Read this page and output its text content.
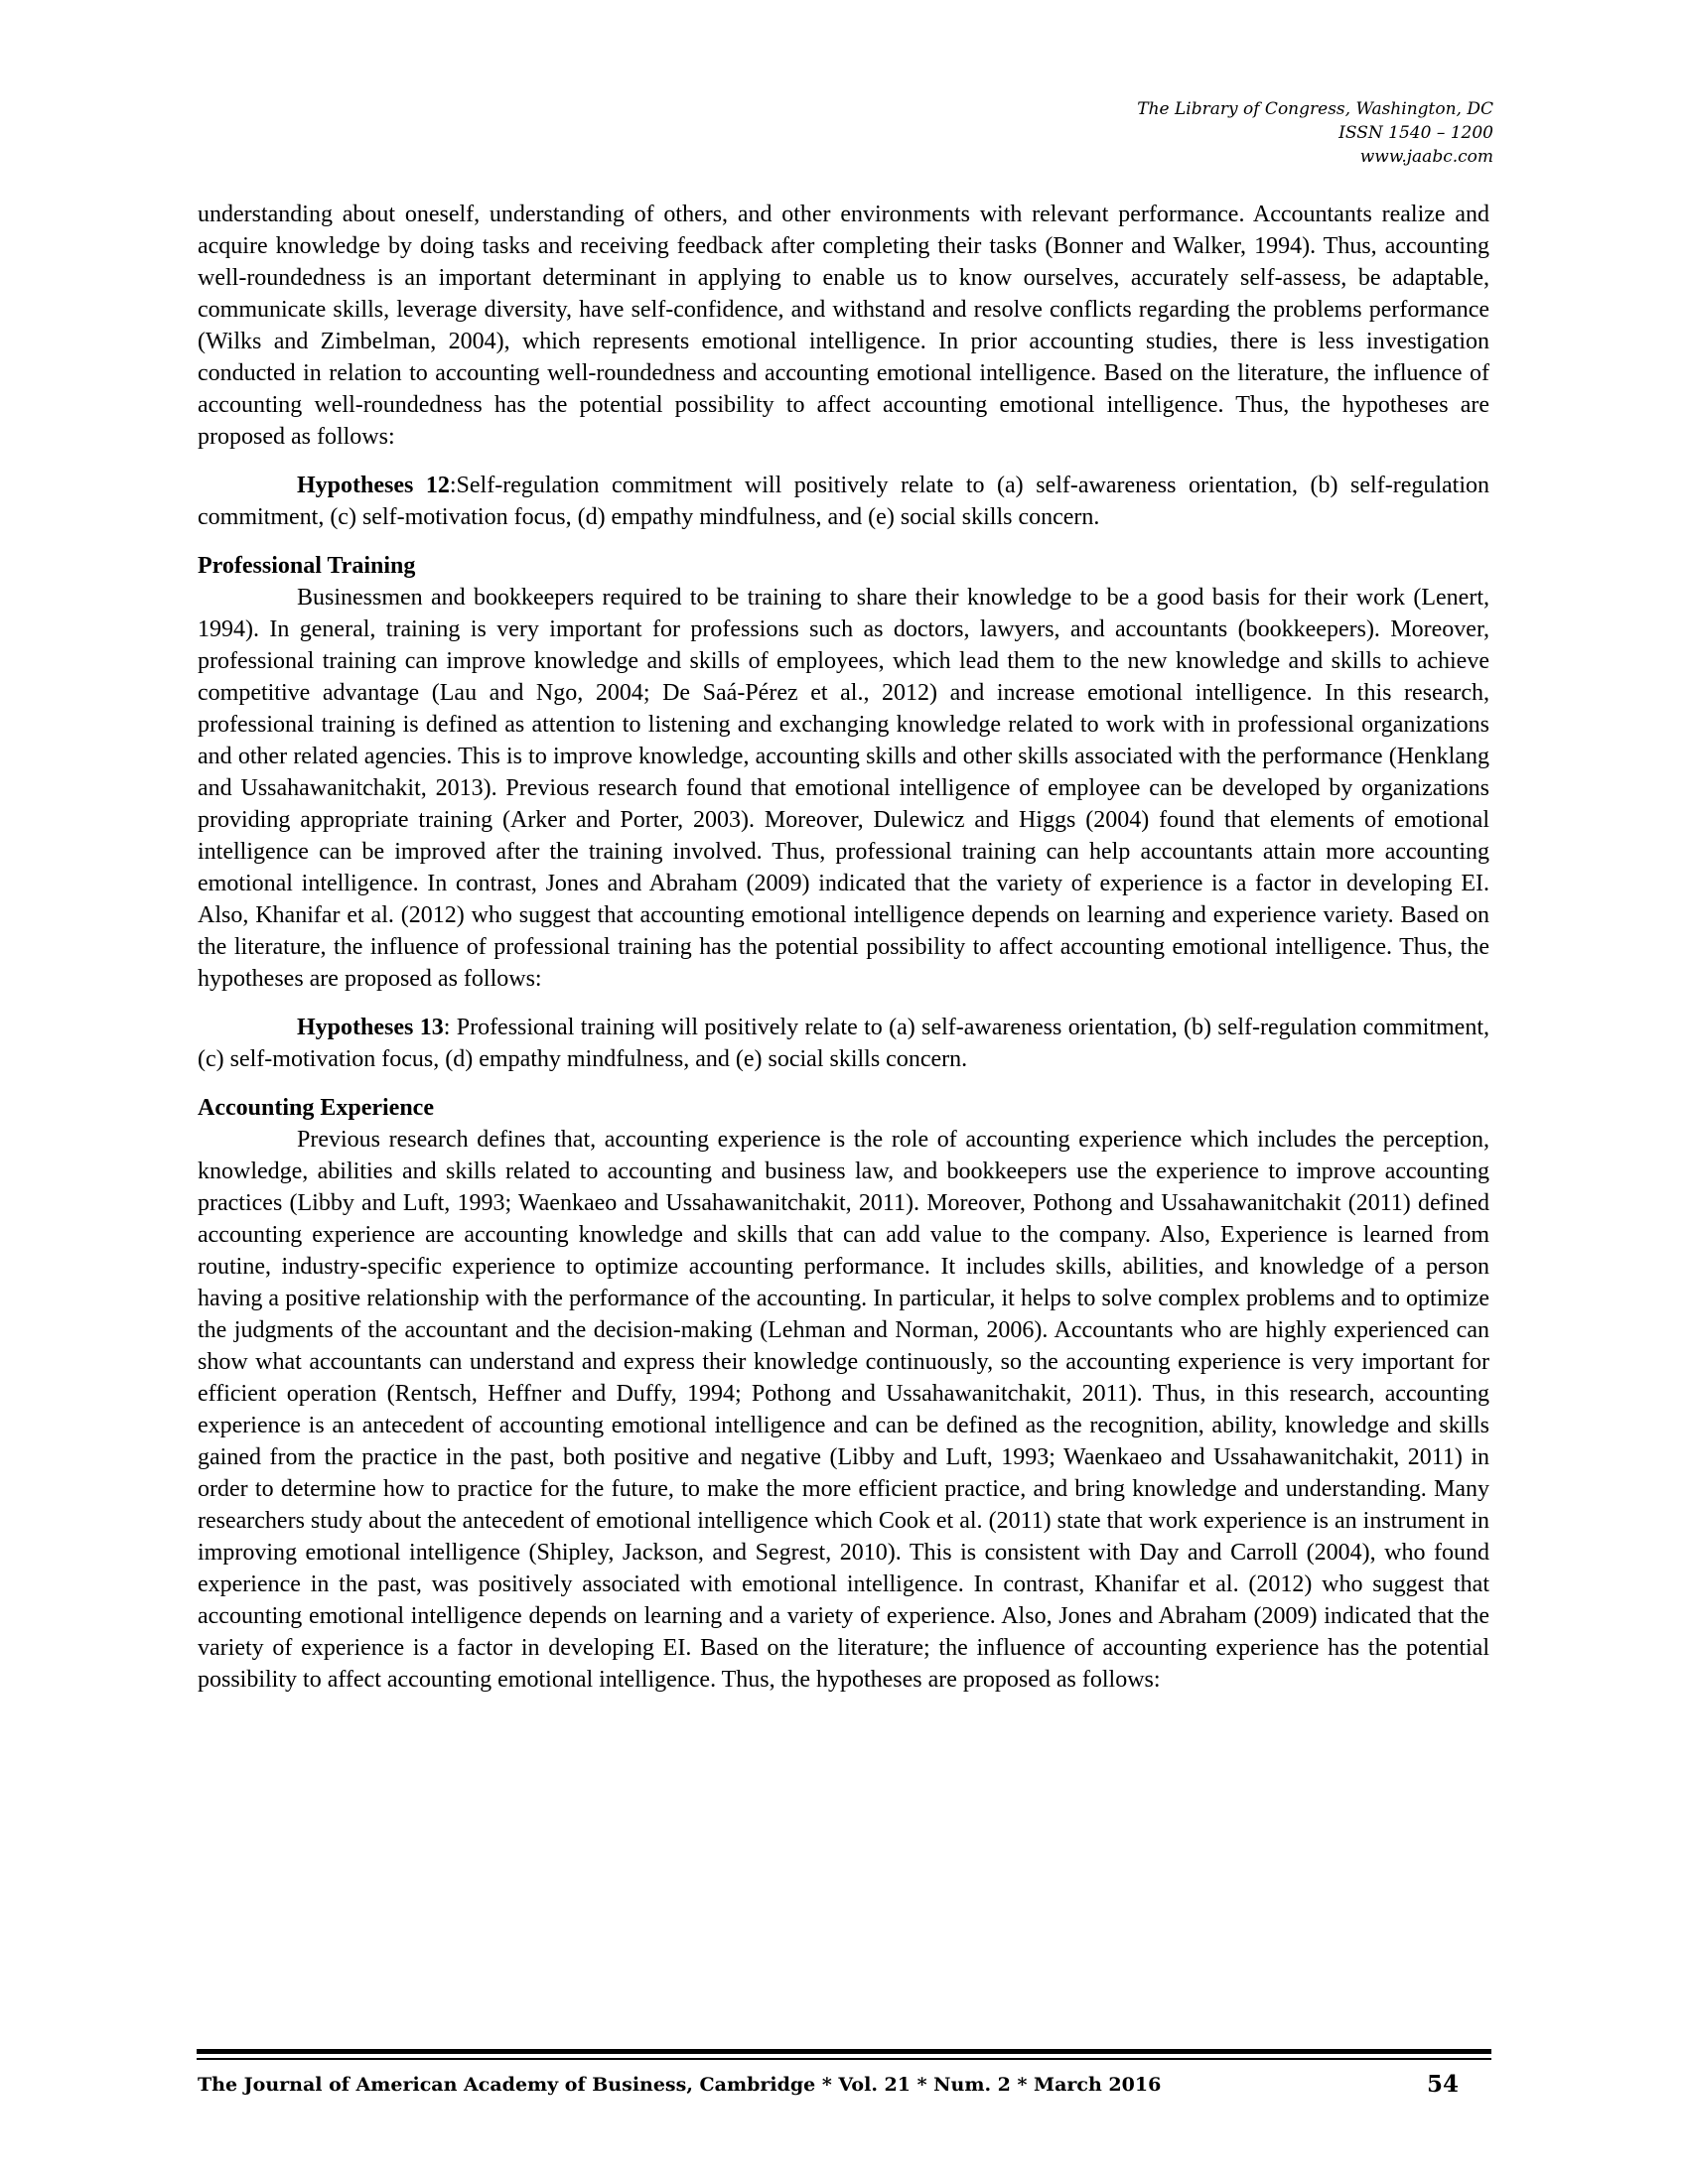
The Library of Congress, Washington, DC
ISSN 1540 – 1200
www.jaabc.com

understanding about oneself, understanding of others, and other environments with relevant performance. Accountants realize and acquire knowledge by doing tasks and receiving feedback after completing their tasks (Bonner and Walker, 1994). Thus, accounting well-roundedness is an important determinant in applying to enable us to know ourselves, accurately self-assess, be adaptable, communicate skills, leverage diversity, have self-confidence, and withstand and resolve conflicts regarding the problems performance (Wilks and Zimbelman, 2004), which represents emotional intelligence. In prior accounting studies, there is less investigation conducted in relation to accounting well-roundedness and accounting emotional intelligence. Based on the literature, the influence of accounting well-roundedness has the potential possibility to affect accounting emotional intelligence. Thus, the hypotheses are proposed as follows:

Hypotheses 12:Self-regulation commitment will positively relate to (a) self-awareness orientation, (b) self-regulation commitment, (c) self-motivation focus, (d) empathy mindfulness, and (e) social skills concern.

Professional Training

Businessmen and bookkeepers required to be training to share their knowledge to be a good basis for their work (Lenert, 1994). In general, training is very important for professions such as doctors, lawyers, and accountants (bookkeepers). Moreover, professional training can improve knowledge and skills of employees, which lead them to the new knowledge and skills to achieve competitive advantage (Lau and Ngo, 2004; De Saá-Pérez et al., 2012) and increase emotional intelligence. In this research, professional training is defined as attention to listening and exchanging knowledge related to work with in professional organizations and other related agencies. This is to improve knowledge, accounting skills and other skills associated with the performance (Henklang and Ussahawanitchakit, 2013). Previous research found that emotional intelligence of employee can be developed by organizations providing appropriate training (Arker and Porter, 2003). Moreover, Dulewicz and Higgs (2004) found that elements of emotional intelligence can be improved after the training involved. Thus, professional training can help accountants attain more accounting emotional intelligence. In contrast, Jones and Abraham (2009) indicated that the variety of experience is a factor in developing EI. Also, Khanifar et al. (2012) who suggest that accounting emotional intelligence depends on learning and experience variety. Based on the literature, the influence of professional training has the potential possibility to affect accounting emotional intelligence. Thus, the hypotheses are proposed as follows:

Hypotheses 13: Professional training will positively relate to (a) self-awareness orientation, (b) self-regulation commitment, (c) self-motivation focus, (d) empathy mindfulness, and (e) social skills concern.

Accounting Experience

Previous research defines that, accounting experience is the role of accounting experience which includes the perception, knowledge, abilities and skills related to accounting and business law, and bookkeepers use the experience to improve accounting practices (Libby and Luft, 1993; Waenkaeo and Ussahawanitchakit, 2011). Moreover, Pothong and Ussahawanitchakit (2011) defined accounting experience are accounting knowledge and skills that can add value to the company. Also, Experience is learned from routine, industry-specific experience to optimize accounting performance. It includes skills, abilities, and knowledge of a person having a positive relationship with the performance of the accounting. In particular, it helps to solve complex problems and to optimize the judgments of the accountant and the decision-making (Lehman and Norman, 2006). Accountants who are highly experienced can show what accountants can understand and express their knowledge continuously, so the accounting experience is very important for efficient operation (Rentsch, Heffner and Duffy, 1994; Pothong and Ussahawanitchakit, 2011). Thus, in this research, accounting experience is an antecedent of accounting emotional intelligence and can be defined as the recognition, ability, knowledge and skills gained from the practice in the past, both positive and negative (Libby and Luft, 1993; Waenkaeo and Ussahawanitchakit, 2011) in order to determine how to practice for the future, to make the more efficient practice, and bring knowledge and understanding. Many researchers study about the antecedent of emotional intelligence which Cook et al. (2011) state that work experience is an instrument in improving emotional intelligence (Shipley, Jackson, and Segrest, 2010). This is consistent with Day and Carroll (2004), who found experience in the past, was positively associated with emotional intelligence. In contrast, Khanifar et al. (2012) who suggest that accounting emotional intelligence depends on learning and a variety of experience. Also, Jones and Abraham (2009) indicated that the variety of experience is a factor in developing EI. Based on the literature; the influence of accounting experience has the potential possibility to affect accounting emotional intelligence. Thus, the hypotheses are proposed as follows:

The Journal of American Academy of Business, Cambridge * Vol. 21 * Num. 2 * March 2016	54
